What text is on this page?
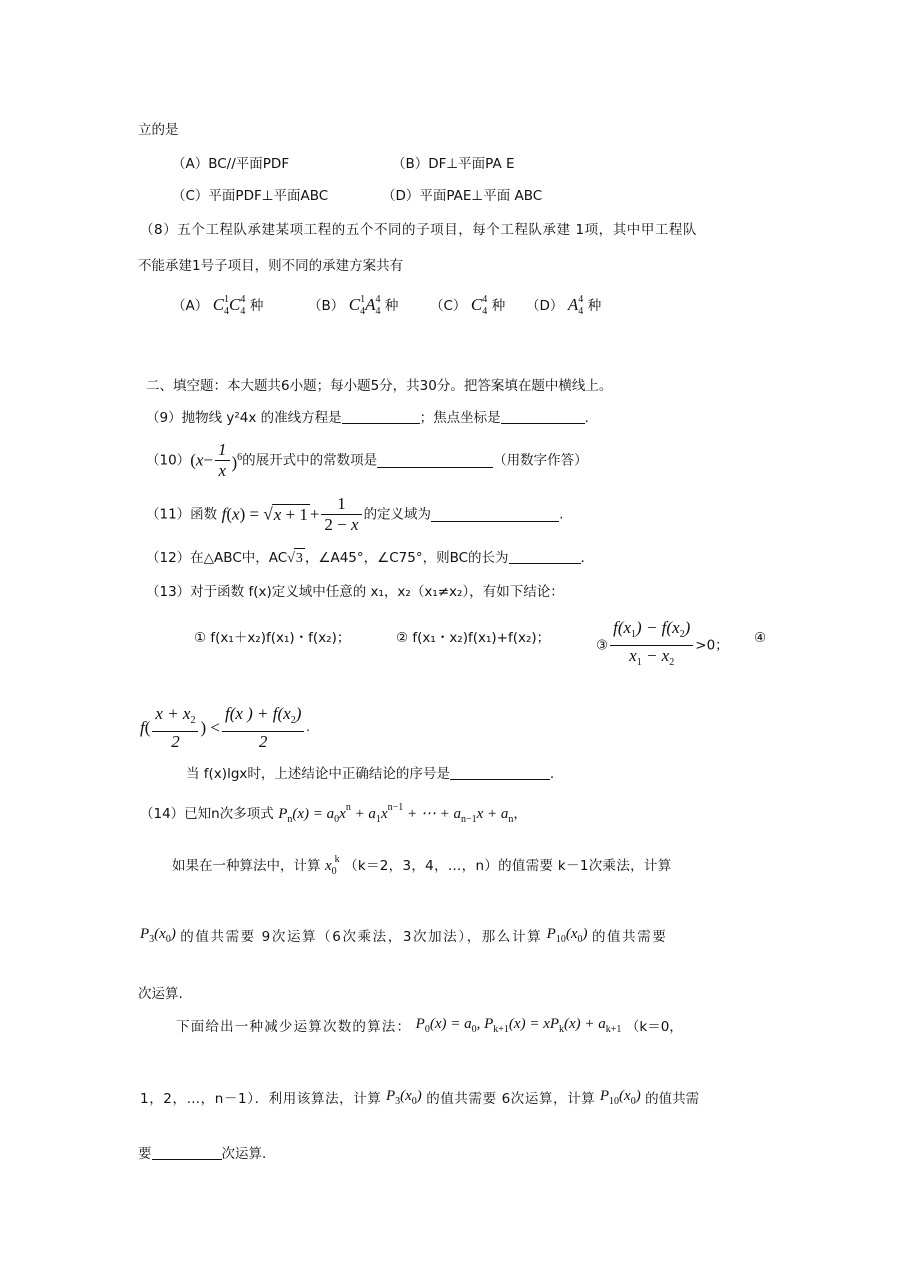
立的是
（A）BC//平面PDF	（B）DF⊥平面PA E
（C）平面PDF⊥平面ABC	（D）平面PAE⊥平面 ABC
（8）五个工程队承建某项工程的五个不同的子项目，每个工程队承建 1项，其中甲工程队
不能承建1号子项目，则不同的承建方案共有
（A） $C_4^1C_4^4$ 种	（B） $C_4^1A_4^4$ 种 （C） $C_4^4$ 种 （D） $A_4^4$ 种
二、填空题：本大题共6小题；每小题5分，共30分。把答案填在题中横线上。
（9）抛物线 y²4x 的准线方程是	；焦点坐标是	.
$(10)(x- \frac{1}{x} )^6$的展开式中的常数项是	（用数字作答）
（11）函数 $f(x) = √x + 1 + \frac{1}{2 - x}$ 的定义域为	.
（12）在△ABC中，AC√3 ，∠A45°，∠C75°，则BC的长为	.
（13）对于函数 f(x)定义域中任意的 x₁，x₂（x₁≠x₂），有如下结论：
① f(x₁＋x₂)f(x₁)・f(x₂)；	② f(x₁・x₂)f(x₁)+f(x₂)；	③ $\frac{f(x_1) - f(x_2)}{x_1 - x_2} >0$； ④
$f( \frac{x + x_2}{2}$ ) < $\frac{f(x ) + f(x_2)}{2}$ .
当 f(x)lgx时，上述结论中正确结论的序号是	.
（14）已知n次多项式 $P_n(x) = a_0x^n + a_1x^{n-1}$ + ⋯ + $a_{n-1}x + a_n$，
如果在一种算法中，计算 $x_0^k$ （k＝2，3，4，…，n）的值需要 k－1次乘法，计算
$P_3(x_0)$ 的值共需要 9次运算（6次乘法，3次加法），那么计算 $P_{10}(x_0)$ 的值共需要
次运算.
下面给出一种减少运算次数的算法： $P_0(x) = a_0$, $P_{k+1}(x) = xP_k(x) + a_{k+1}$ （k＝0，
1，2，…，n－1）．利用该算法，计算 $P_3(x_0)$ 的值共需要 6次运算，计算 $P_{10}(x_0)$ 的值共需
要	次运算.
